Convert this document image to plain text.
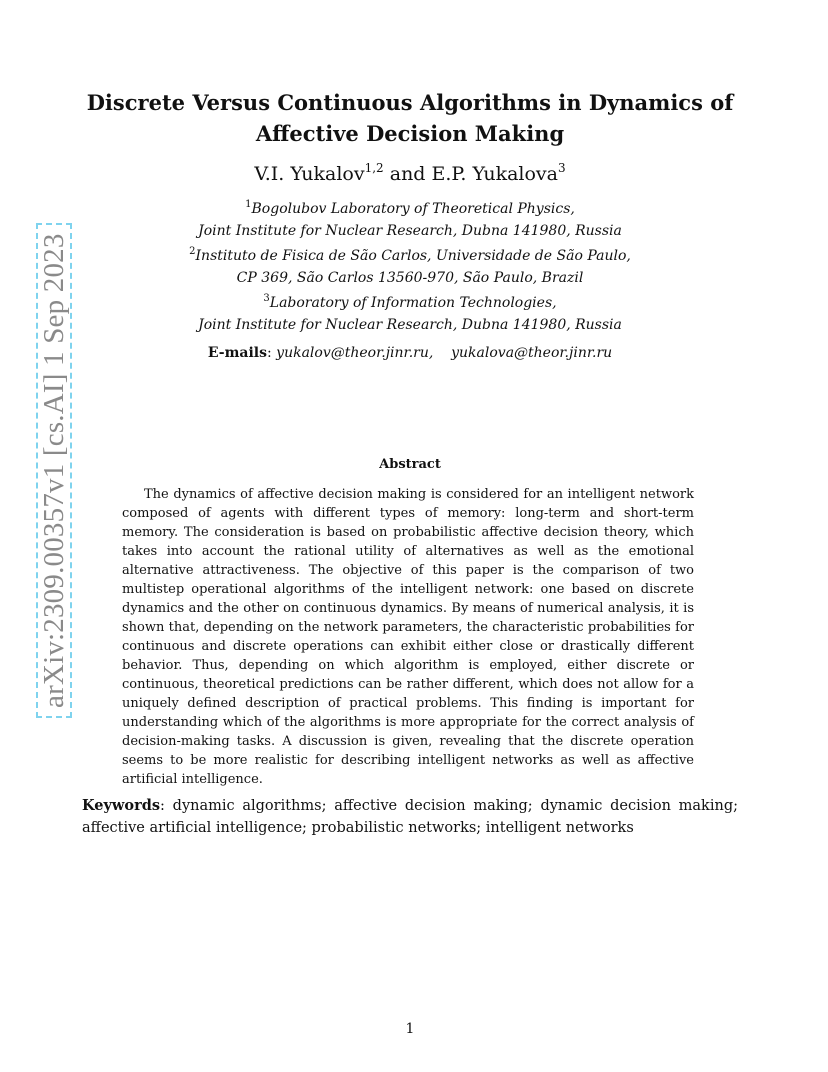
arXiv:2309.00357v1 [cs.AI] 1 Sep 2023
Discrete Versus Continuous Algorithms in Dynamics of
Affective Decision Making
V.I. Yukalov$^{1,2}$ and E.P. Yukalova$^3$
$^1$Bogolubov Laboratory of Theoretical Physics,
Joint Institute for Nuclear Research, Dubna 141980, Russia
$^2$Instituto de Fisica de São Carlos, Universidade de São Paulo,
CP 369, São Carlos 13560-970, São Paulo, Brazil
$^3$Laboratory of Information Technologies,
Joint Institute for Nuclear Research, Dubna 141980, Russia
E-mails: yukalov@theor.jinr.ru, yukalova@theor.jinr.ru
Abstract
The dynamics of affective decision making is considered for an intelligent network composed of agents with different types of memory: long-term and short-term memory. The consideration is based on probabilistic affective decision theory, which takes into account the rational utility of alternatives as well as the emotional alternative attractiveness. The objective of this paper is the comparison of two multistep operational algorithms of the intelligent network: one based on discrete dynamics and the other on continuous dynamics. By means of numerical analysis, it is shown that, depending on the network parameters, the characteristic probabilities for continuous and discrete operations can exhibit either close or drastically different behavior. Thus, depending on which algorithm is employed, either discrete or continuous, theoretical predictions can be rather different, which does not allow for a uniquely defined description of practical problems. This finding is important for understanding which of the algorithms is more appropriate for the correct analysis of decision-making tasks. A discussion is given, revealing that the discrete operation seems to be more realistic for describing intelligent networks as well as affective artificial intelligence.
Keywords: dynamic algorithms; affective decision making; dynamic decision making; affective artificial intelligence; probabilistic networks; intelligent networks
1
